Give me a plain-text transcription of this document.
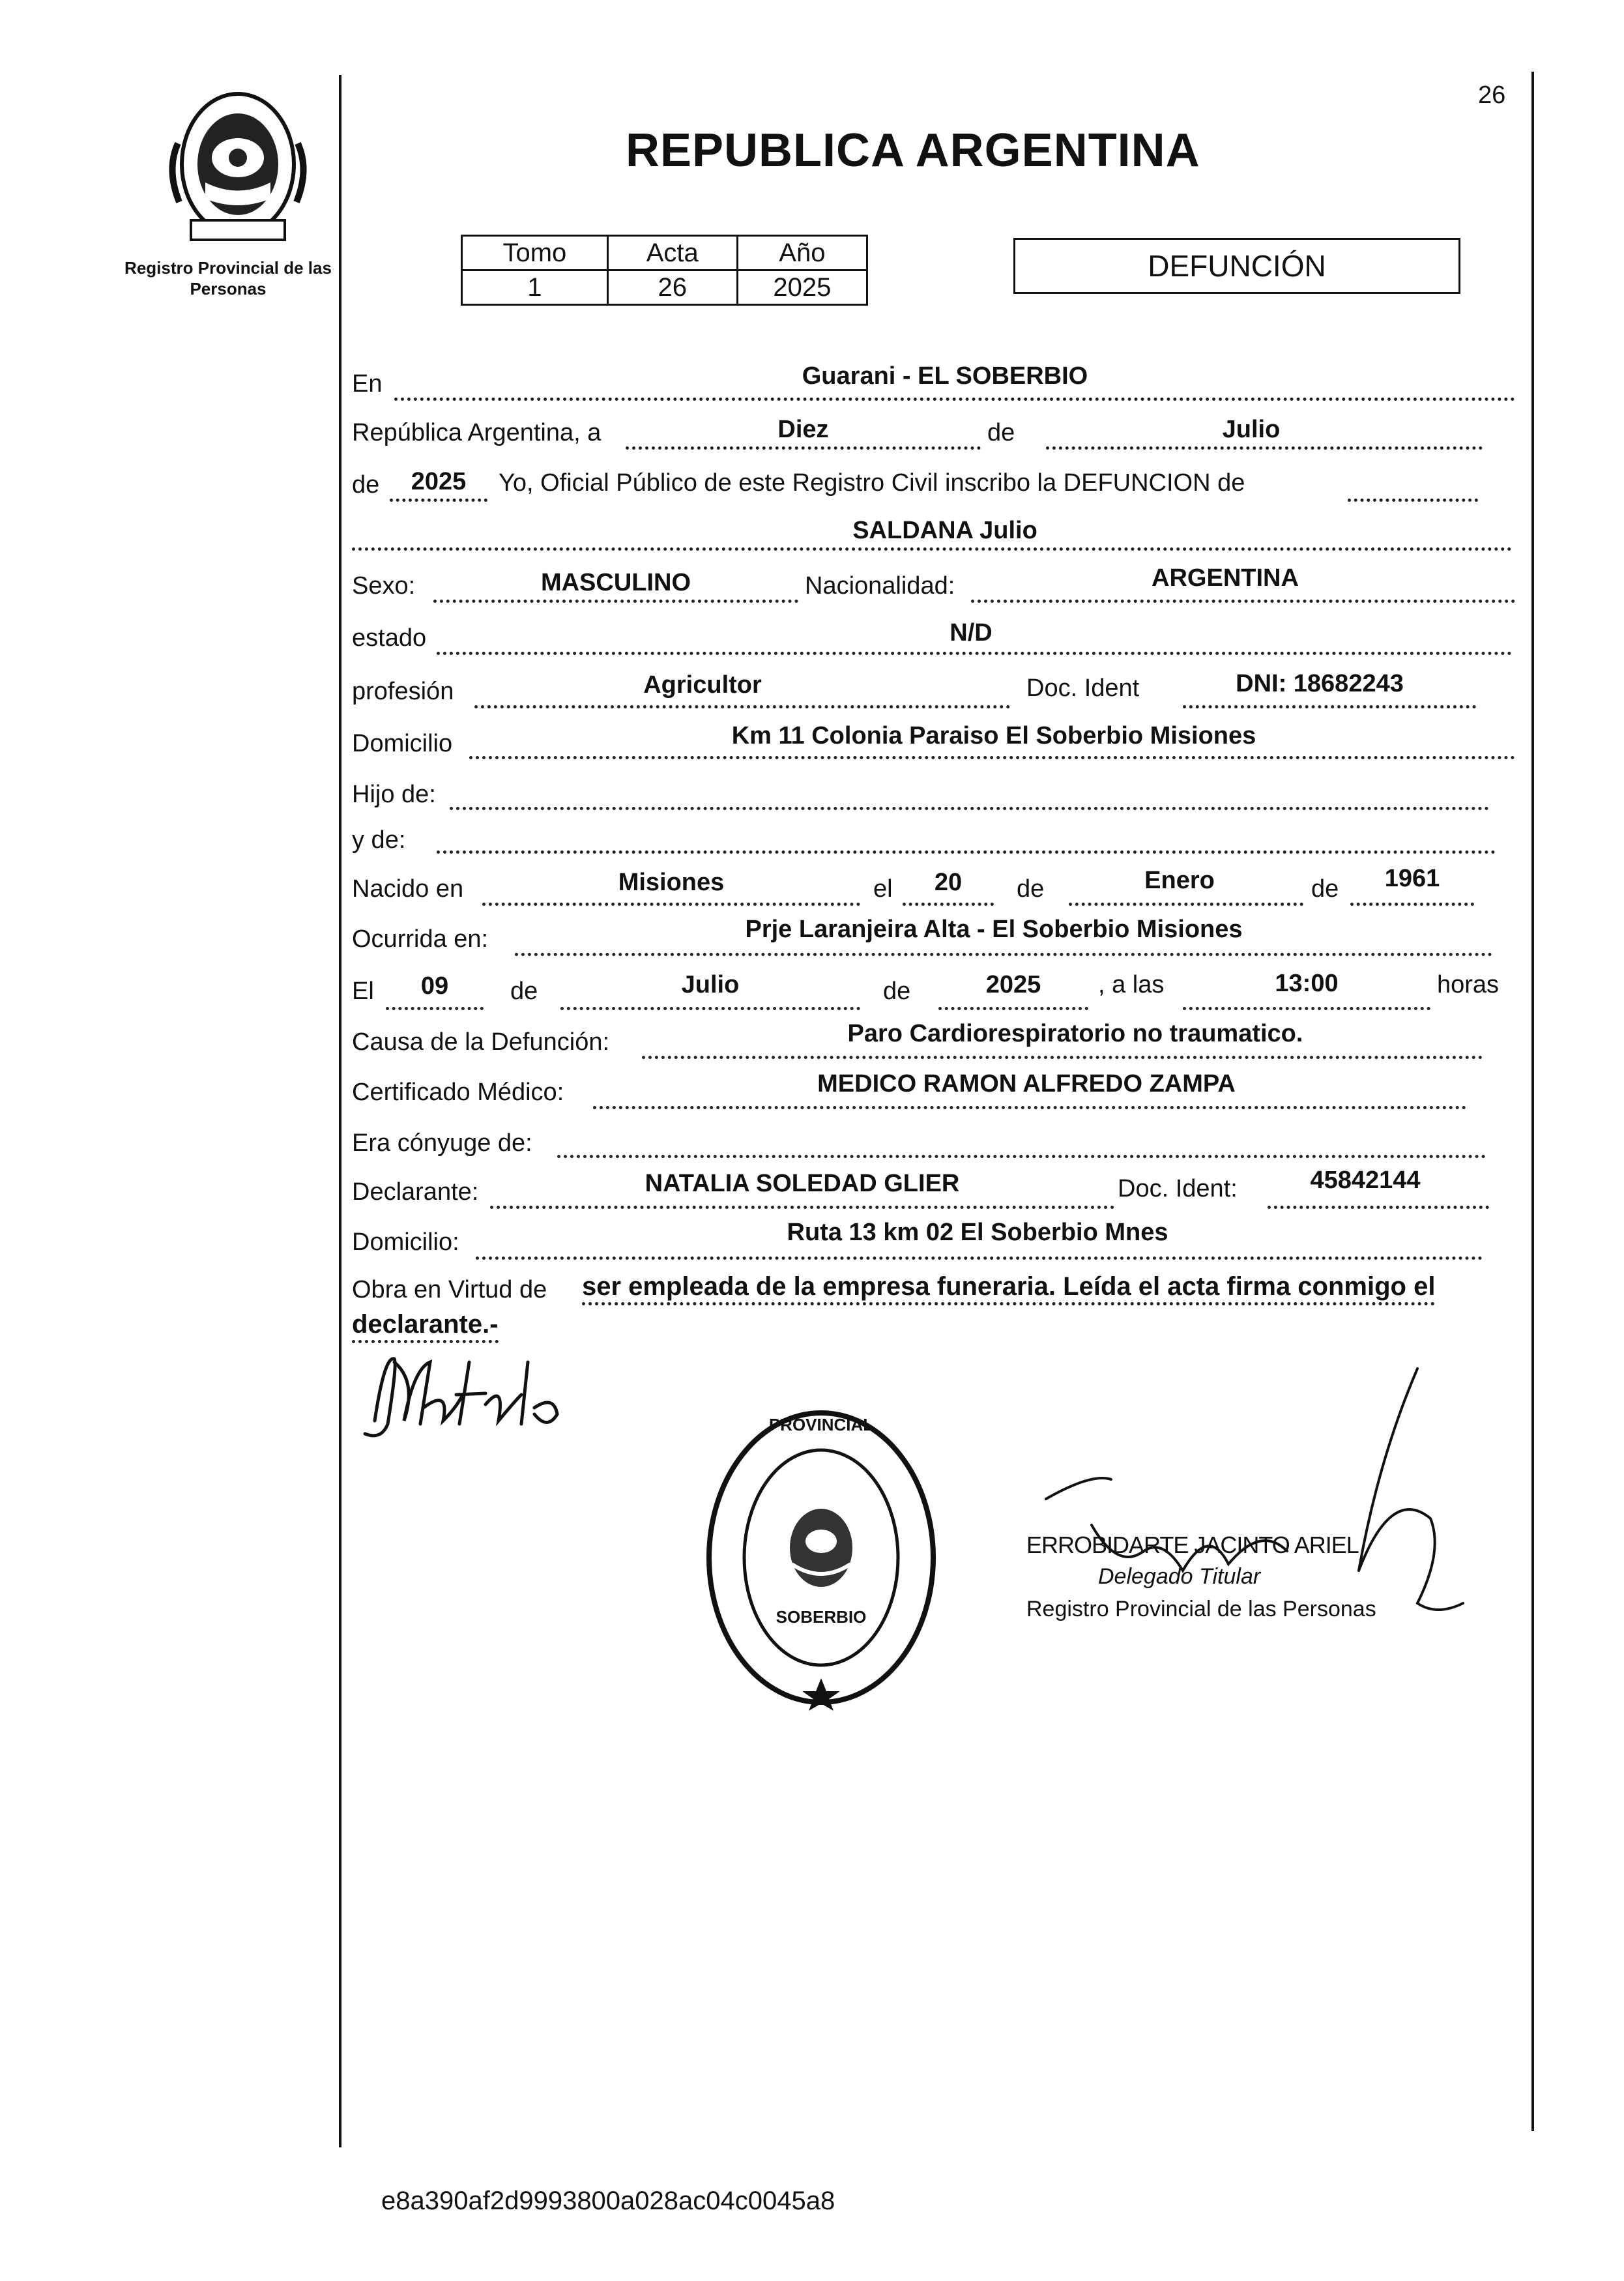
Registro Provincial de las Personas
26
REPUBLICA ARGENTINA
Tomo	Acta	Año
1	26	2025
DEFUNCIÓN
En	Guarani - EL SOBERBIO
República Argentina, a	Diez	de	Julio
de	2025	Yo, Oficial Público de este Registro Civil inscribo la DEFUNCION de
SALDANA Julio
Sexo:	MASCULINO	Nacionalidad:	ARGENTINA
estado	N/D
profesión	Agricultor	Doc. Ident	DNI: 18682243
Domicilio	Km 11 Colonia Paraiso El Soberbio Misiones
Hijo de:
y de:
Nacido en	Misiones	el	20	de	Enero	de	1961
Ocurrida en:	Prje Laranjeira Alta - El Soberbio Misiones
El	09	de	Julio	de	2025	, a las	13:00	horas
Causa de la Defunción:	Paro Cardiorespiratorio no traumatico.
Certificado Médico:	MEDICO RAMON ALFREDO ZAMPA
Era cónyuge de:
Declarante:	NATALIA SOLEDAD GLIER	Doc. Ident:	45842144
Domicilio:	Ruta 13 km 02 El Soberbio Mnes
Obra en Virtud de ser empleada de la empresa funeraria. Leída el acta firma conmigo el
declarante.-
PROVINCIAL
SOBERBIO
ERROBIDARTE JACINTO ARIEL
Delegado Titular
Registro Provincial de las Personas
e8a390af2d9993800a028ac04c0045a8
